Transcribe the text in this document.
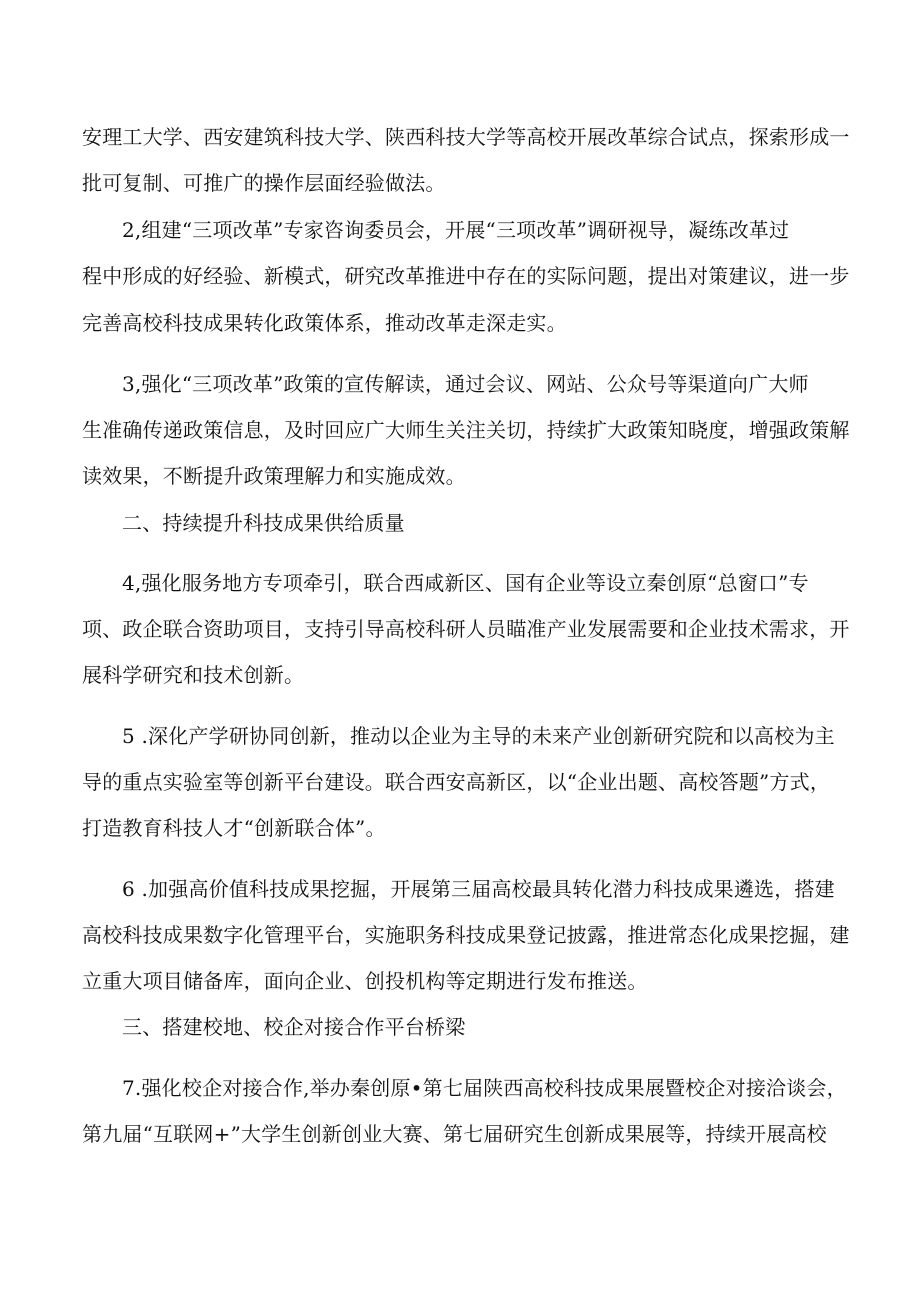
安理工大学、西安建筑科技大学、陕西科技大学等高校开展改革综合试点，探索形成一
批可复制、可推广的操作层面经验做法。
2,组建“三项改革”专家咨询委员会，开展“三项改革”调研视导，凝练改革过
程中形成的好经验、新模式，研究改革推进中存在的实际问题，提出对策建议，进一步
完善高校科技成果转化政策体系，推动改革走深走实。
3,强化“三项改革”政策的宣传解读，通过会议、网站、公众号等渠道向广大师
生准确传递政策信息，及时回应广大师生关注关切，持续扩大政策知晓度，增强政策解
读效果，不断提升政策理解力和实施成效。
二、持续提升科技成果供给质量
4,强化服务地方专项牵引，联合西咸新区、国有企业等设立秦创原“总窗口”专
项、政企联合资助项目，支持引导高校科研人员瞄准产业发展需要和企业技术需求，开
展科学研究和技术创新。
5 .深化产学研协同创新，推动以企业为主导的未来产业创新研究院和以高校为主
导的重点实验室等创新平台建设。联合西安高新区，以“企业出题、高校答题”方式，
打造教育科技人才“创新联合体”。
6 .加强高价值科技成果挖掘，开展第三届高校最具转化潜力科技成果遴选，搭建
高校科技成果数字化管理平台，实施职务科技成果登记披露，推进常态化成果挖掘，建
立重大项目储备库，面向企业、创投机构等定期进行发布推送。
三、搭建校地、校企对接合作平台桥梁
7.强化校企对接合作,举办秦创原•第七届陕西高校科技成果展暨校企对接洽谈会，
第九届“互联网+”大学生创新创业大赛、第七届研究生创新成果展等，持续开展高校
